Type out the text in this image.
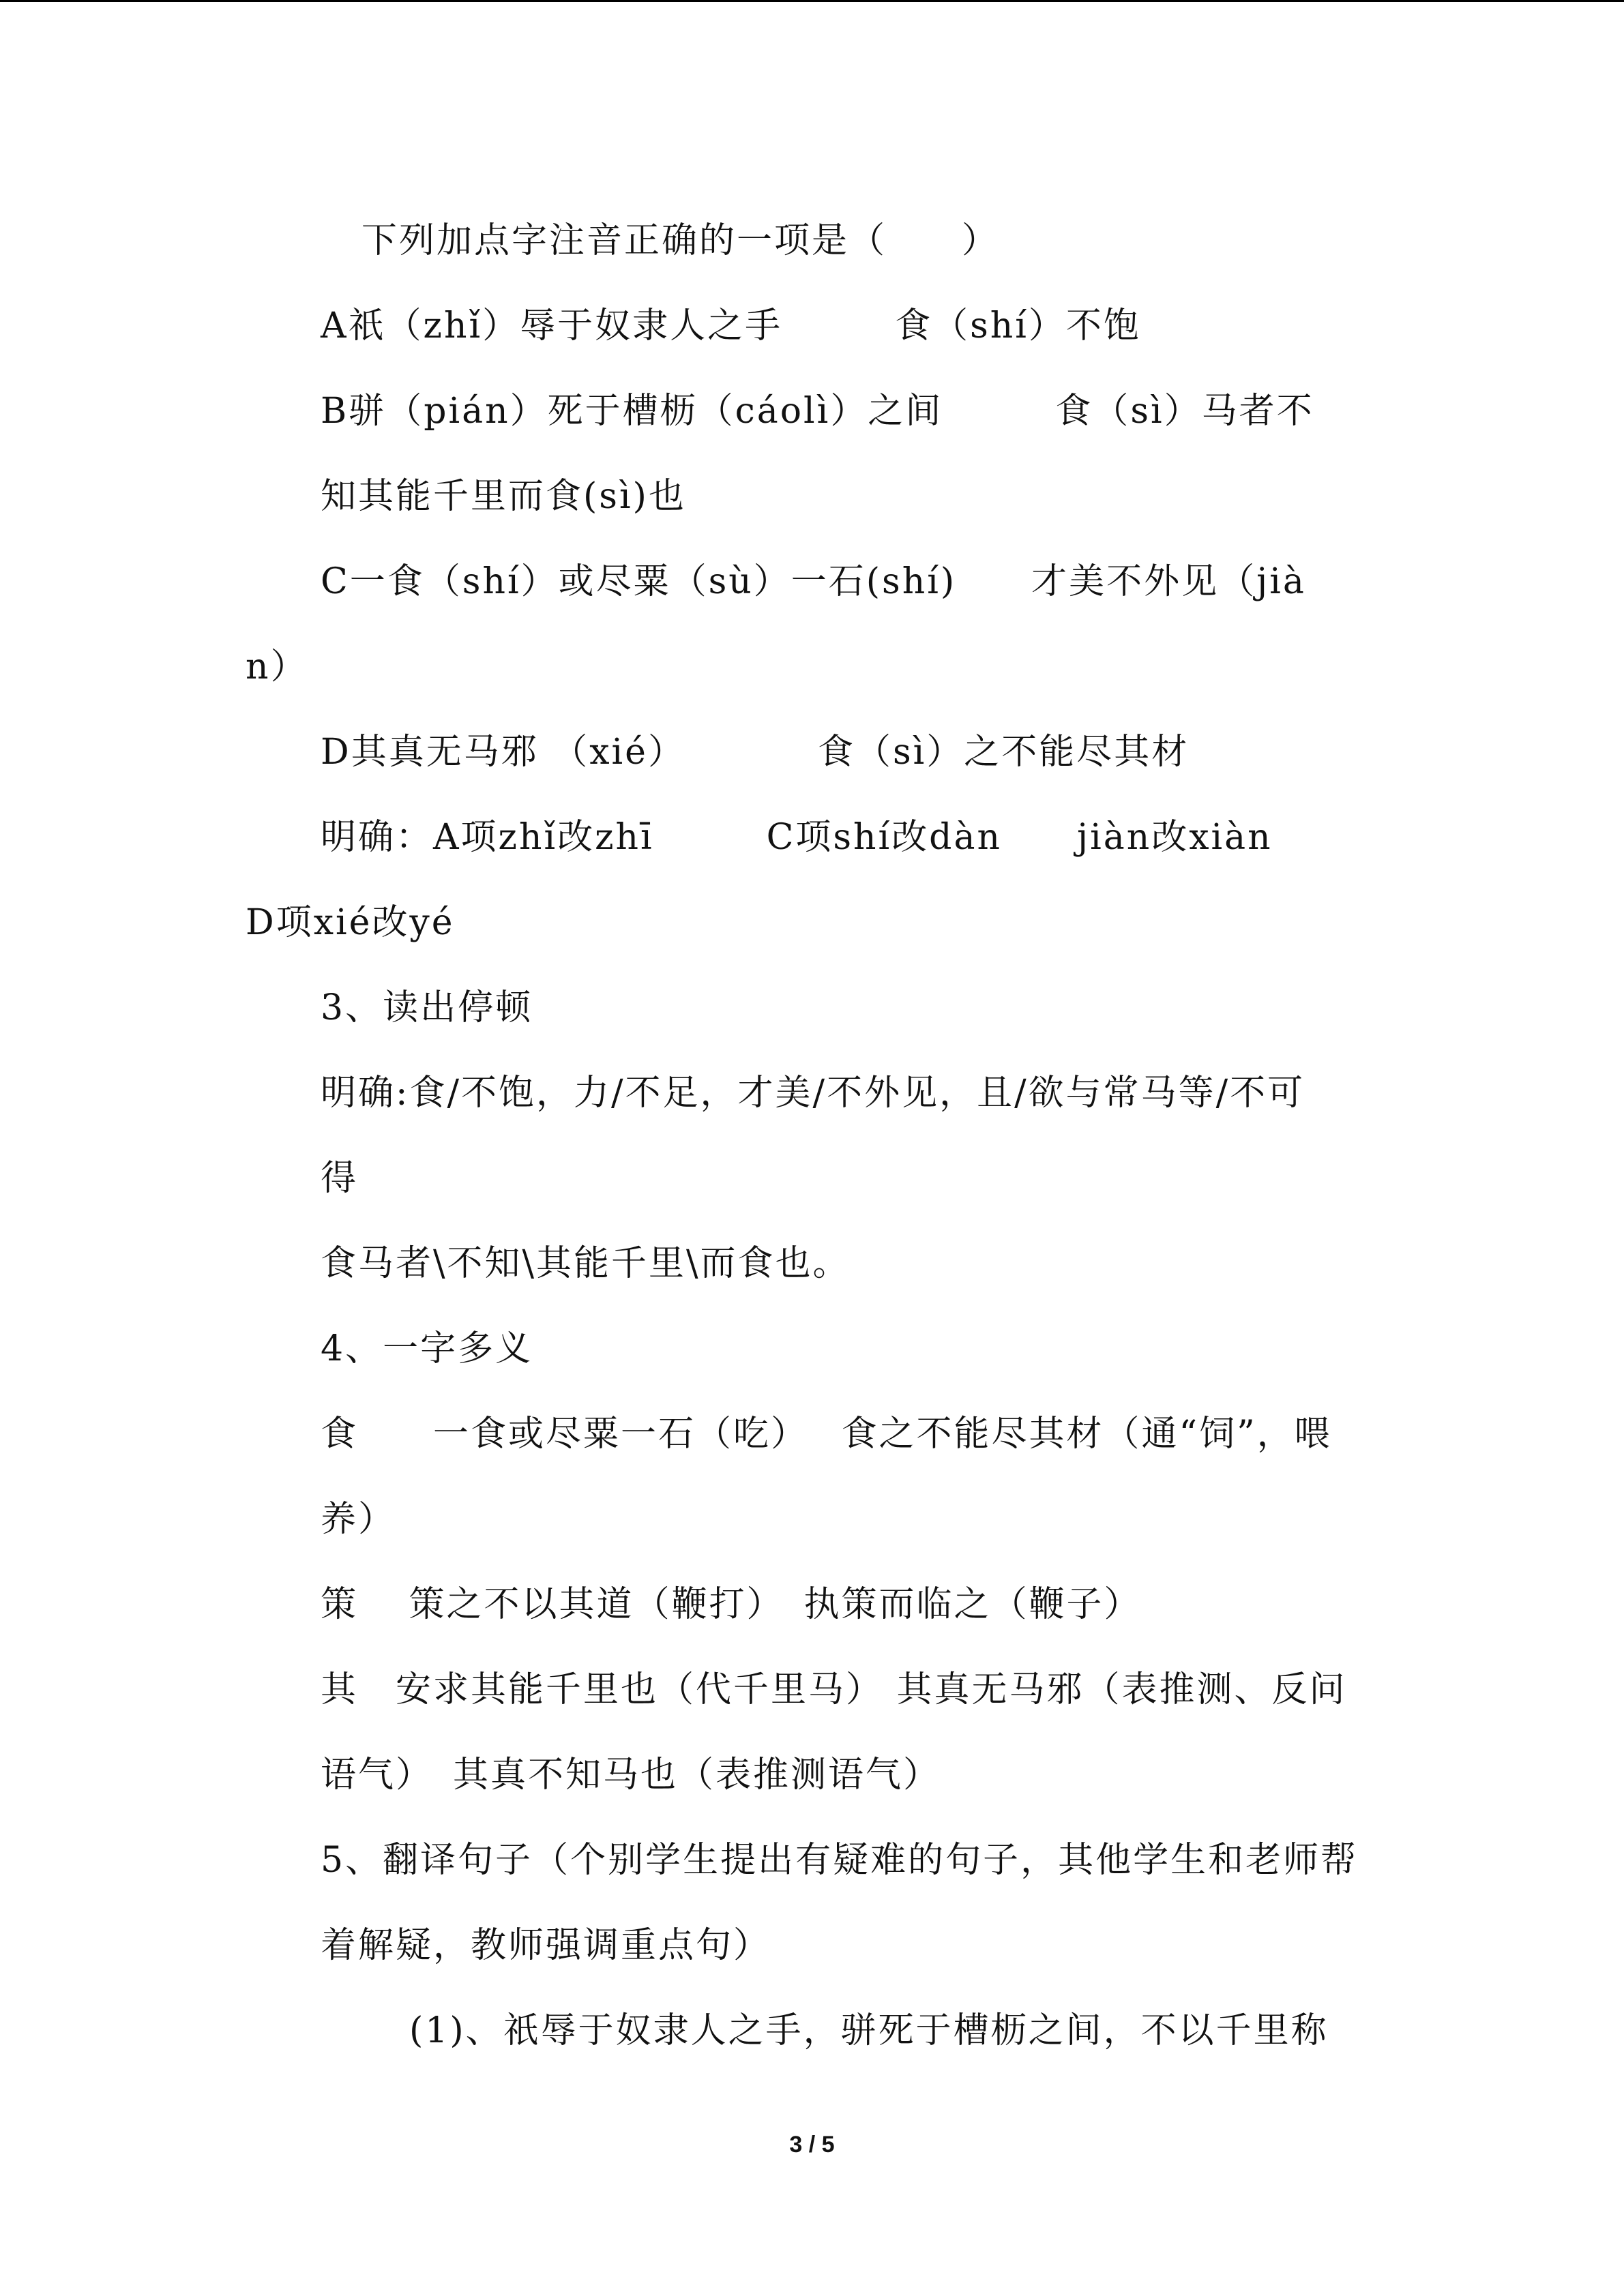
下列加点字注音正确的一项是（　　）
A祇（zhǐ）辱于奴隶人之手　　　食（shí）不饱
B骈（pián）死于槽枥（cáolì）之间　　　食（sì）马者不
知其能千里而食(sì)也
C一食（shí）或尽粟（sù）一石(shí)　　才美不外见（jià
n）
D其真无马邪 （xié）　　　　食（sì）之不能尽其材
明确：A项zhǐ改zhī　　　C项shí改dàn　　jiàn改xiàn
D项xié改yé
3、读出停顿
明确:食/不饱，力/不足，才美/不外见，且/欲与常马等/不可
得
食马者\不知\其能千里\而食也。
4、一字多义
食　　一食或尽粟一石（吃）　 食之不能尽其材（通“饲”，喂
养）
策　 策之不以其道（鞭打）　执策而临之（鞭子）
其　安求其能千里也（代千里马） 其真无马邪（表推测、反问
语气）　其真不知马也（表推测语气）
5、翻译句子（个别学生提出有疑难的句子，其他学生和老师帮
着解疑，教师强调重点句）
(1)、祇辱于奴隶人之手，骈死于槽枥之间，不以千里称
3 / 5
